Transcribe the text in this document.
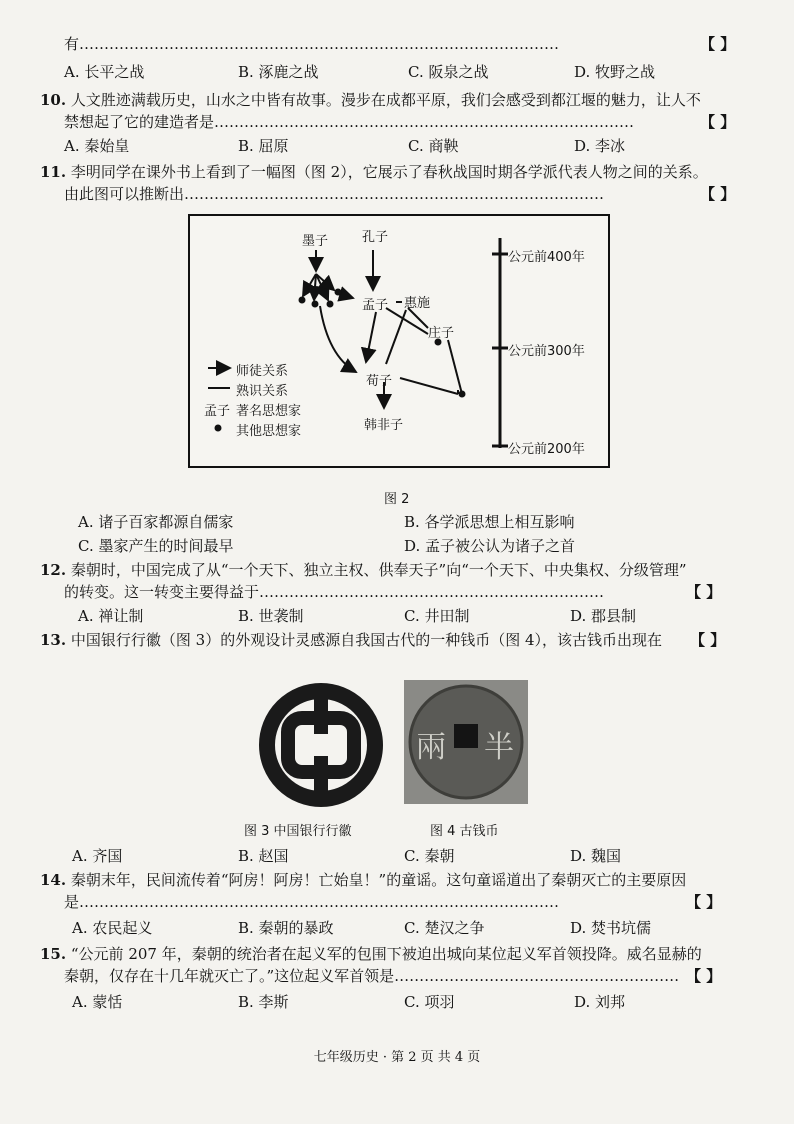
有……………………………………………………………………………………	【 】
A. 长平之战	B. 涿鹿之战	C. 阪泉之战	D. 牧野之战
10. 人文胜迹满载历史，山水之中皆有故事。漫步在成都平原，我们会感受到都江堰的魅力，让人不
禁想起了它的建造者是…………………………………………………………………………	【 】
A. 秦始皇	B. 屈原	C. 商鞅	D. 李冰
11. 李明同学在课外书上看到了一幅图（图 2），它展示了春秋战国时期各学派代表人物之间的关系。
由此图可以推断出…………………………………………………………………………	【 】
墨子	孔子
孟子 惠施
庄子
荀子
韩非子
公元前400年
公元前300年
公元前200年
师徒关系
熟识关系
孟子 著名思想家
其他思想家
图 2
A. 诸子百家都源自儒家	B. 各学派思想上相互影响
C. 墨家产生的时间最早	D. 孟子被公认为诸子之首
12. 秦朝时，中国完成了从“一个天下、独立主权、供奉天子”向“一个天下、中央集权、分级管理”
的转变。这一转变主要得益于……………………………………………………………	【 】
A. 禅让制	B. 世袭制	C. 井田制	D. 郡县制
13. 中国银行行徽（图 3）的外观设计灵感源自我国古代的一种钱币（图 4），该古钱币出现在 【 】
兩 半
图 3 中国银行行徽	图 4 古钱币
A. 齐国	B. 赵国	C. 秦朝	D. 魏国
14. 秦朝末年，民间流传着“阿房！阿房！亡始皇！”的童谣。这句童谣道出了秦朝灭亡的主要原因
是……………………………………………………………………………………	【 】
A. 农民起义	B. 秦朝的暴政	C. 楚汉之争	D. 焚书坑儒
15. “公元前 207 年，秦朝的统治者在起义军的包围下被迫出城向某位起义军首领投降。威名显赫的
秦朝，仅存在十几年就灭亡了。”这位起义军首领是………………………………………………… 【 】
A. 蒙恬	B. 李斯	C. 项羽	D. 刘邦
七年级历史 · 第 2 页 共 4 页
